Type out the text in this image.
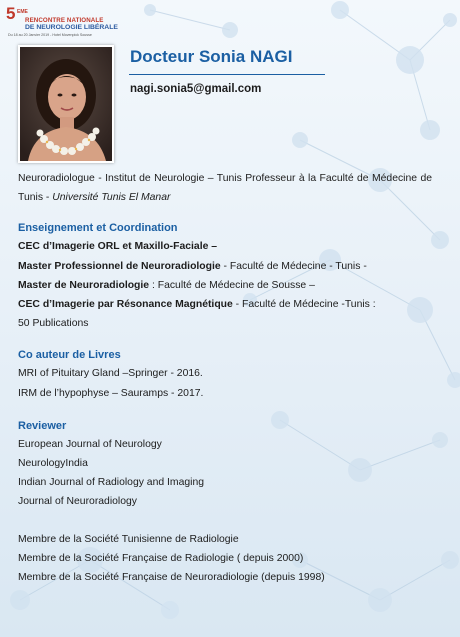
5 EME
RENCONTRE NATIONALE
DE NEUROLOGIE LIBÉRALE
Du 18 au 20 Janvier 2019 - Hotel Movenpick Sousse
Docteur Sonia NAGI
nagi.sonia5@gmail.com
Neuroradiologue - Institut de Neurologie – Tunis Professeur à la Faculté de Médecine de Tunis - Université Tunis El Manar
Enseignement et Coordination
CEC d’Imagerie ORL et Maxillo-Faciale –
Master Professionnel de Neuroradiologie - Faculté de Médecine - Tunis -
Master de Neuroradiologie : Faculté de Médecine de Sousse –
CEC d’Imagerie par Résonance Magnétique - Faculté de Médecine -Tunis :
50 Publications
Co auteur de Livres
MRI of Pituitary Gland –Springer - 2016.
IRM de l’hypophyse – Sauramps - 2017.
Reviewer
European Journal of Neurology
NeurologyIndia
Indian Journal of Radiology and Imaging
Journal of Neuroradiology
Membre de la Société Tunisienne de Radiologie
Membre de la Société Française de Radiologie ( depuis 2000)
Membre de la Société Française de Neuroradiologie (depuis 1998)
